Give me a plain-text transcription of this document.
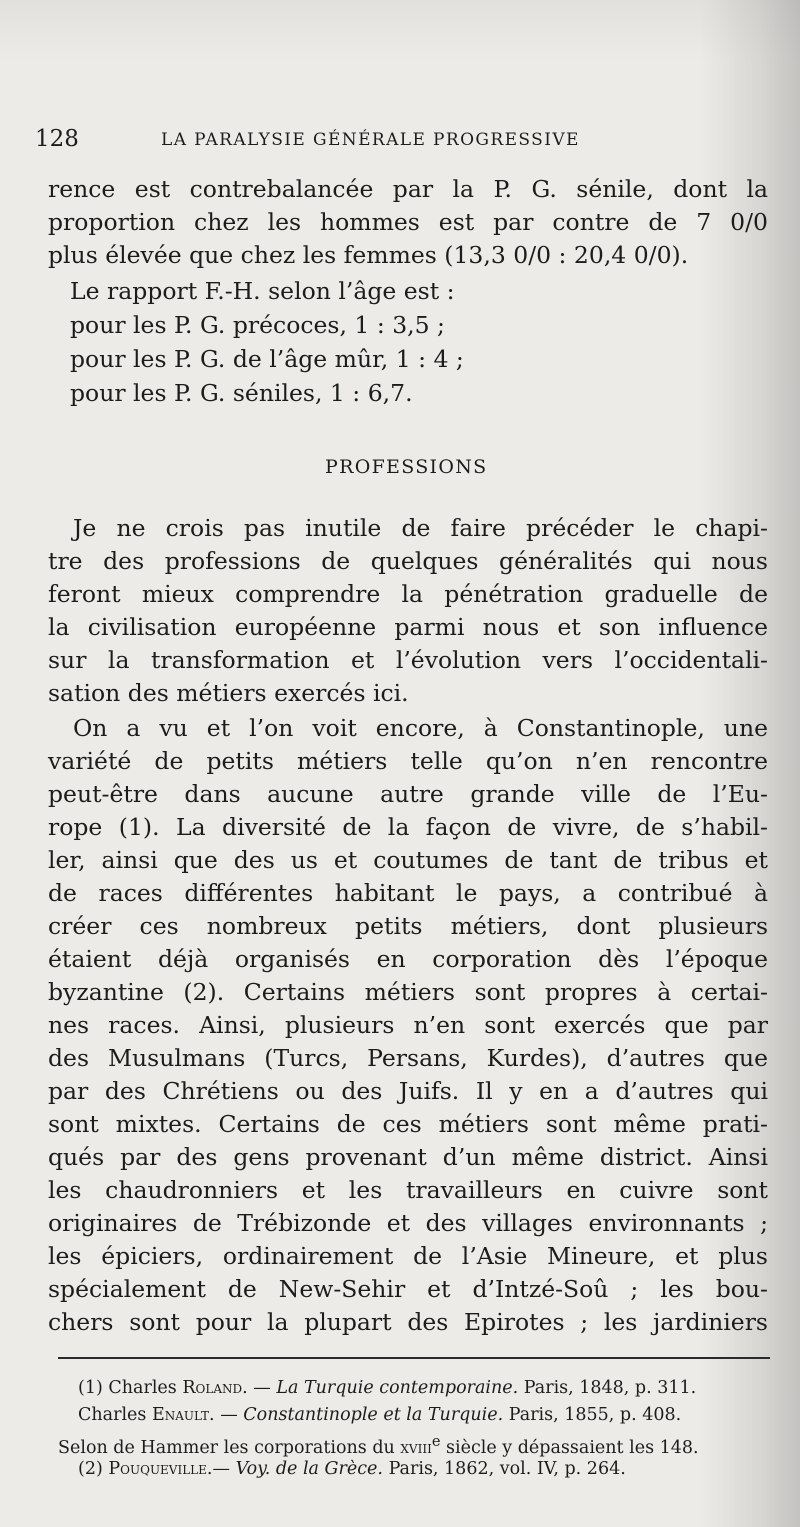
128	LA PARALYSIE GÉNÉRALE PROGRESSIVE
rence est contrebalancée par la P. G. sénile, dont la
proportion chez les hommes est par contre de 7 0/0
plus élevée que chez les femmes (13,3 0/0 : 20,4 0/0).
Le rapport F.-H. selon l’âge est :
pour les P. G. précoces, 1 : 3,5 ;
pour les P. G. de l’âge mûr, 1 : 4 ;
pour les P. G. séniles, 1 : 6,7.
PROFESSIONS
Je ne crois pas inutile de faire précéder le chapi-
tre des professions de quelques généralités qui nous
feront mieux comprendre la pénétration graduelle de
la civilisation européenne parmi nous et son influence
sur la transformation et l’évolution vers l’occidentali-
sation des métiers exercés ici.
On a vu et l’on voit encore, à Constantinople, une
variété de petits métiers telle qu’on n’en rencontre
peut-être dans aucune autre grande ville de l’Eu-
rope (1). La diversité de la façon de vivre, de s’habil-
ler, ainsi que des us et coutumes de tant de tribus et
de races différentes habitant le pays, a contribué à
créer ces nombreux petits métiers, dont plusieurs
étaient déjà organisés en corporation dès l’époque
byzantine (2). Certains métiers sont propres à certai-
nes races. Ainsi, plusieurs n’en sont exercés que par
des Musulmans (Turcs, Persans, Kurdes), d’autres que
par des Chrétiens ou des Juifs. Il y en a d’autres qui
sont mixtes. Certains de ces métiers sont même prati-
qués par des gens provenant d’un même district. Ainsi
les chaudronniers et les travailleurs en cuivre sont
originaires de Trébizonde et des villages environnants ;
les épiciers, ordinairement de l’Asie Mineure, et plus
spécialement de New-Sehir et d’Intzé-Soû ; les bou-
chers sont pour la plupart des Epirotes ; les jardiniers
(1) Charles Roland. — La Turquie contemporaine. Paris, 1848, p. 311.
Charles Enault. — Constantinople et la Turquie. Paris, 1855, p. 408.
Selon de Hammer les corporations du xviii$^e$ siècle y dépassaient les 148.
(2) Pouqueville.— Voy. de la Grèce. Paris, 1862, vol. IV, p. 264.
